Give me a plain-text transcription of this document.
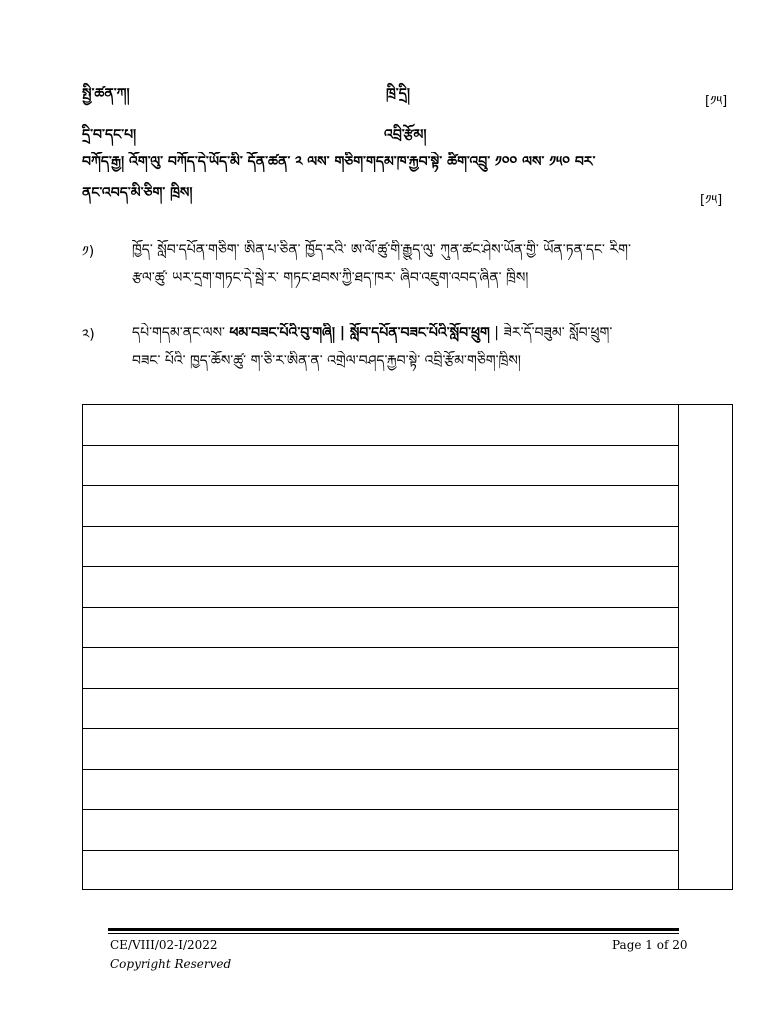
སྤྱི་ཚན་ཀ།	ཁྲི་དྲི།	[༡༥]
དྲི་བ་དང་པ།	འབྲི་རྩོམ།
བཀོད་རྒྱ། འོག་ལུ་ བཀོད་དེ་ཡོད་མི་ དོན་ཚན་ ༢ ལས་ གཅིག་གདམ་ཁ་རྐྱབ་སྟེ་ ཚིག་འབྲུ་ ༡༠༠ ལས་ ༡༥༠ བར་
ནང་འབད་མི་ཅིག་ ཁྲིས།	[༡༥]
༡)	ཁྱོད་ སློབ་དཔོན་གཅིག་ ཨིན་པ་ཅིན་ ཁྱོད་རའི་ ཨ་ལོ་ཚུ་གི་རྒྱུད་ལུ་ ཀུན་ཚང་ཤེས་ཡོན་གྱི་ ཡོན་ཏན་དང་ རིག་
རྩལ་ཚུ་ ཡར་དྲག་གཏང་དེ་སྦེ་ར་ གཏང་ཐབས་ཀྱི་ཐད་ཁར་ ཞིབ་འཇུག་འབད་ཞིན་ ཁྲིས།
༢)	དཔེ་གདམ་ནང་ལས་ ཕམ་བཟང་པོའི་བུ་གཞི། | སློབ་དཔོན་བཟང་པོའི་སློབ་ཕྲུག | ཟེར་དོ་བཟུམ་ སློབ་ཕྲུག་
བཟང་ པོའི་ ཁྱད་ཆོས་ཚུ་ ག་ཅི་ར་ཨིན་ན་ འགྲེལ་བཤད་རྐྱབ་སྟེ་ འབྲི་རྩོམ་གཅིག་ཁྲིས།
CE/VIII/02-I/2022	Page 1 of 20
Copyright Reserved
